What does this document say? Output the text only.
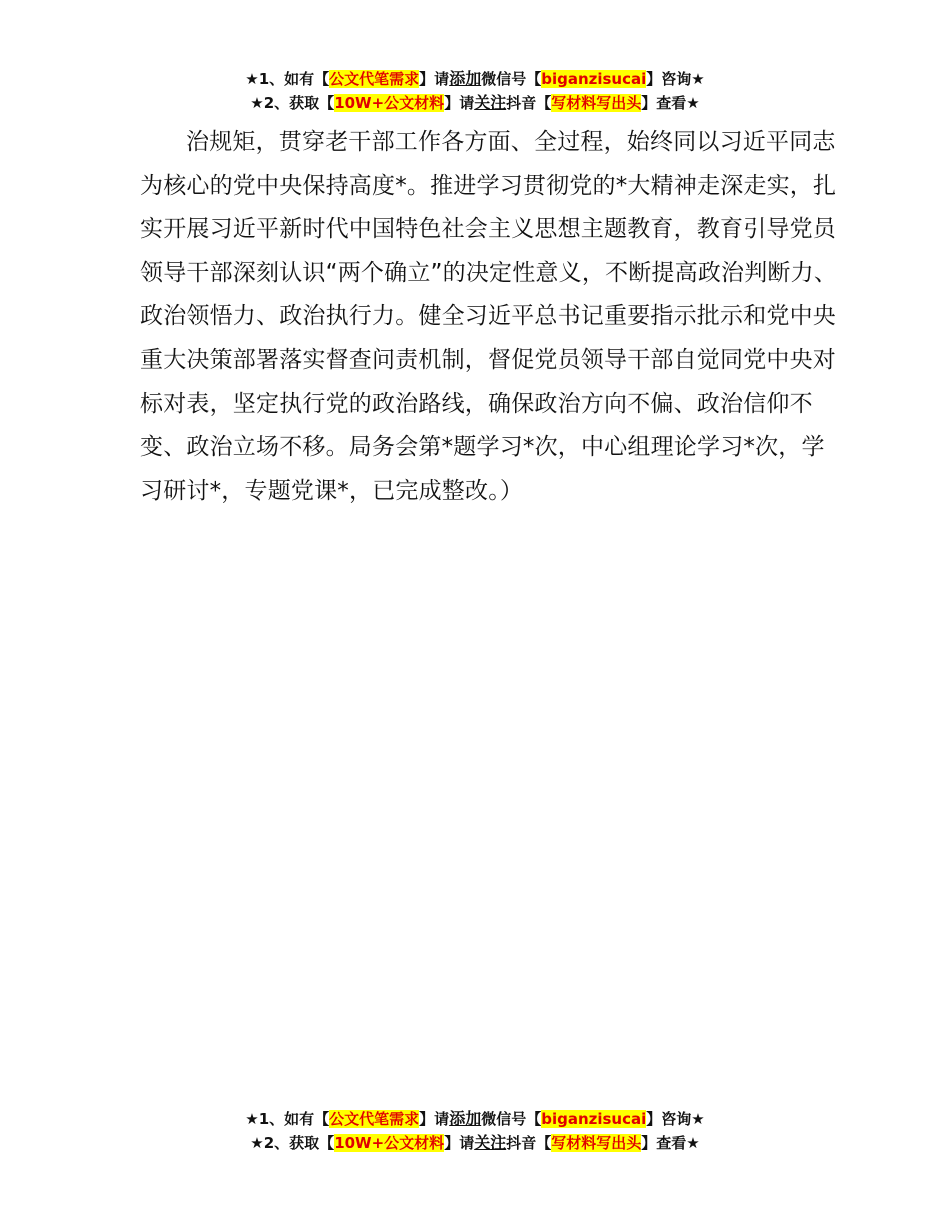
★1、如有【公文代笔需求】请添加微信号【biganzisucai】咨询★
★2、获取【10W+公文材料】请关注抖音【写材料写出头】查看★

治规矩，贯穿老干部工作各方面、全过程，始终同以习近平同志为核心的党中央保持高度*。推进学习贯彻党的*大精神走深走实，扎实开展习近平新时代中国特色社会主义思想主题教育，教育引导党员领导干部深刻认识“两个确立”的决定性意义，不断提高政治判断力、政治领悟力、政治执行力。健全习近平总书记重要指示批示和党中央重大决策部署落实督查问责机制，督促党员领导干部自觉同党中央对标对表，坚定执行党的政治路线，确保政治方向不偏、政治信仰不变、政治立场不移。局务会第*题学习*次，中心组理论学习*次，学习研讨*，专题党课*，已完成整改。）

★1、如有【公文代笔需求】请添加微信号【biganzisucai】咨询★
★2、获取【10W+公文材料】请关注抖音【写材料写出头】查看★
